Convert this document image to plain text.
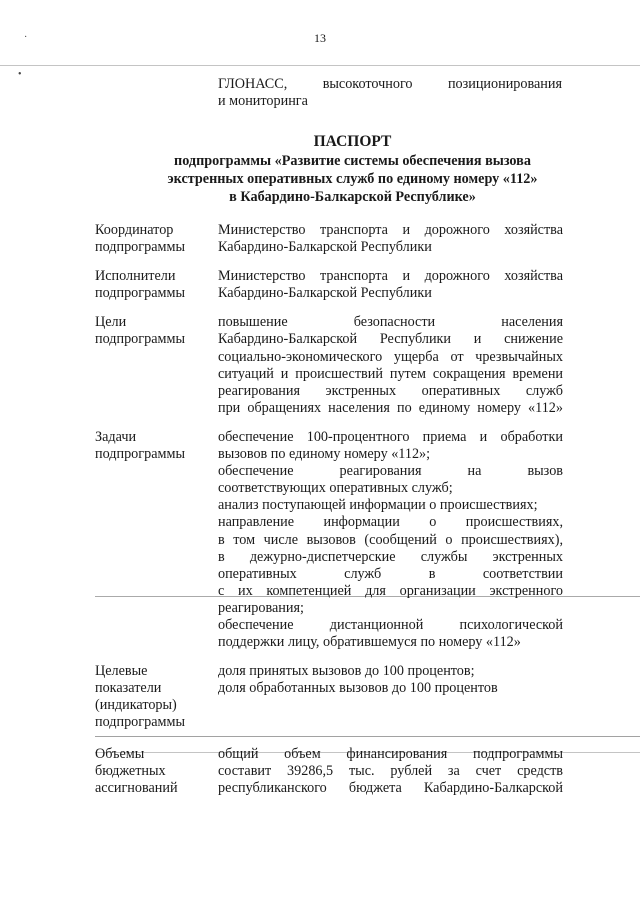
13
·
•
ГЛОНАСС, высокоточного позиционирования
и мониторинга
ПАСПОРТ
подпрограммы «Развитие системы обеспечения вызова
экстренных оперативных служб по единому номеру «112»
в Кабардино-Балкарской Республике»
Координатор
подпрограммы
Министерство транспорта и дорожного хозяйства
Кабардино-Балкарской Республики
Исполнители
подпрограммы
Министерство транспорта и дорожного хозяйства
Кабардино-Балкарской Республики
Цели
подпрограммы
повышение безопасности населения
Кабардино-Балкарской Республики и снижение
социально-экономического ущерба от чрезвычайных
ситуаций и происшествий путем сокращения времени
реагирования экстренных оперативных служб
при обращениях населения по единому номеру «112»
Задачи
подпрограммы
обеспечение 100-процентного приема и обработки
вызовов по единому номеру «112»;
обеспечение реагирования на вызов
соответствующих оперативных служб;
анализ поступающей информации о происшествиях;
направление информации о происшествиях,
в том числе вызовов (сообщений о происшествиях),
в дежурно-диспетчерские службы экстренных
оперативных служб в соответствии
с их компетенцией для организации экстренного
реагирования;
обеспечение дистанционной психологической
поддержки лицу, обратившемуся по номеру «112»
Целевые
показатели
(индикаторы)
подпрограммы
доля принятых вызовов до 100 процентов;
доля обработанных вызовов до 100 процентов
Объемы
бюджетных
ассигнований
общий объем финансирования подпрограммы
составит 39286,5 тыс. рублей за счет средств
республиканского бюджета Кабардино-Балкарской
